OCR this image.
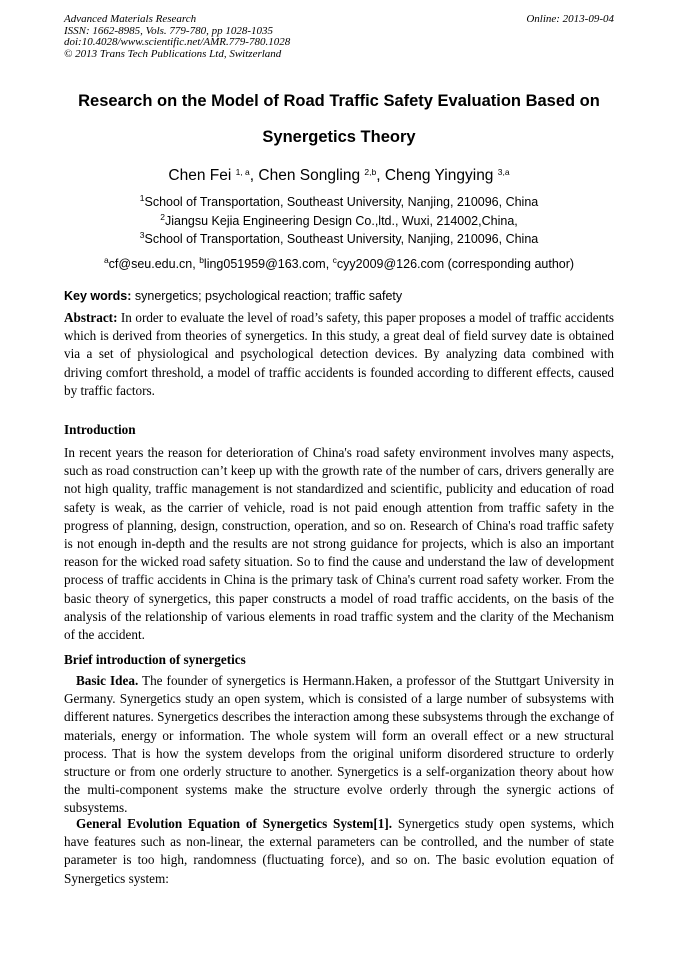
Advanced Materials Research
ISSN: 1662-8985, Vols. 779-780, pp 1028-1035
doi:10.4028/www.scientific.net/AMR.779-780.1028
© 2013 Trans Tech Publications Ltd, Switzerland
Online: 2013-09-04
Research on the Model of Road Traffic Safety Evaluation Based on
Synergetics Theory
Chen Fei $^{1, a}$, Chen Songling $^{2,b}$, Cheng Yingying $^{3,a}$
$^1$School of Transportation, Southeast University, Nanjing, 210096, China
$^2$Jiangsu Kejia Engineering Design Co.,ltd., Wuxi, 214002,China,
$^3$School of Transportation, Southeast University, Nanjing, 210096, China
$^a$cf@seu.edu.cn, $^b$ling051959@163.com, $^c$cyy2009@126.com (corresponding author)
Key words: synergetics; psychological reaction; traffic safety
Abstract: In order to evaluate the level of road’s safety, this paper proposes a model of traffic accidents which is derived from theories of synergetics. In this study, a great deal of field survey date is obtained via a set of physiological and psychological detection devices. By analyzing data combined with driving comfort threshold, a model of traffic accidents is founded according to different effects, caused by traffic factors.
Introduction
In recent years the reason for deterioration of China's road safety environment involves many aspects, such as road construction can’t keep up with the growth rate of the number of cars, drivers generally are not high quality, traffic management is not standardized and scientific, publicity and education of road safety is weak, as the carrier of vehicle, road is not paid enough attention from traffic safety in the progress of planning, design, construction, operation, and so on. Research of China's road traffic safety is not enough in-depth and the results are not strong guidance for projects, which is also an important reason for the wicked road safety situation. So to find the cause and understand the law of development process of traffic accidents in China is the primary task of China's current road safety worker. From the basic theory of synergetics, this paper constructs a model of road traffic accidents, on the basis of the analysis of the relationship of various elements in road traffic system and the clarity of the Mechanism of the accident.
Brief introduction of synergetics
Basic Idea. The founder of synergetics is Hermann.Haken, a professor of the Stuttgart University in Germany. Synergetics study an open system, which is consisted of a large number of subsystems with different natures. Synergetics describes the interaction among these subsystems through the exchange of materials, energy or information. The whole system will form an overall effect or a new structural process. That is how the system develops from the original uniform disordered structure to orderly structure or from one orderly structure to another. Synergetics is a self-organization theory about how the multi-component systems make the structure evolve orderly through the synergic actions of subsystems.
General Evolution Equation of Synergetics System[1]. Synergetics study open systems, which have features such as non-linear, the external parameters can be controlled, and the number of state parameter is too high, randomness (fluctuating force), and so on. The basic evolution equation of Synergetics system:
